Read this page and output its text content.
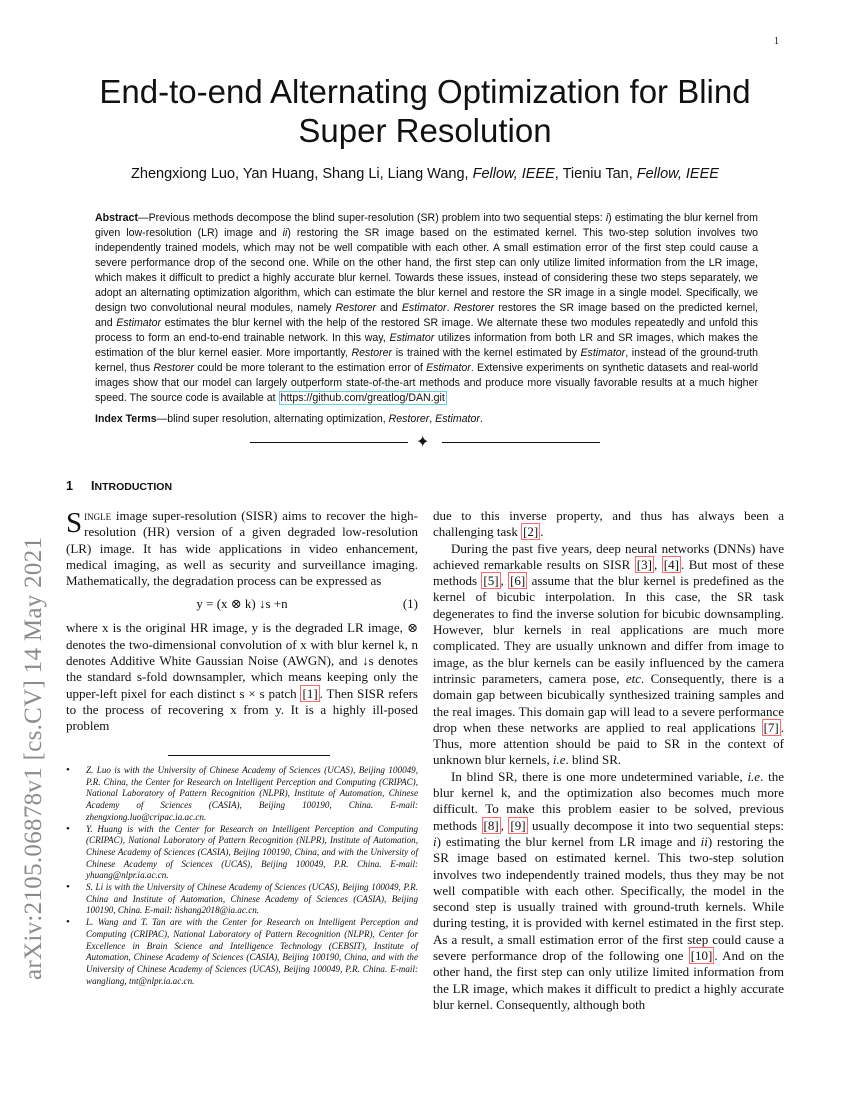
1
arXiv:2105.06878v1 [cs.CV] 14 May 2021
End-to-end Alternating Optimization for Blind Super Resolution
Zhengxiong Luo, Yan Huang, Shang Li, Liang Wang, Fellow, IEEE, Tieniu Tan, Fellow, IEEE
Abstract—Previous methods decompose the blind super-resolution (SR) problem into two sequential steps: i) estimating the blur kernel from given low-resolution (LR) image and ii) restoring the SR image based on the estimated kernel. This two-step solution involves two independently trained models, which may not be well compatible with each other. A small estimation error of the first step could cause a severe performance drop of the second one. While on the other hand, the first step can only utilize limited information from the LR image, which makes it difficult to predict a highly accurate blur kernel. Towards these issues, instead of considering these two steps separately, we adopt an alternating optimization algorithm, which can estimate the blur kernel and restore the SR image in a single model. Specifically, we design two convolutional neural modules, namely Restorer and Estimator. Restorer restores the SR image based on the predicted kernel, and Estimator estimates the blur kernel with the help of the restored SR image. We alternate these two modules repeatedly and unfold this process to form an end-to-end trainable network. In this way, Estimator utilizes information from both LR and SR images, which makes the estimation of the blur kernel easier. More importantly, Restorer is trained with the kernel estimated by Estimator, instead of the ground-truth kernel, thus Restorer could be more tolerant to the estimation error of Estimator. Extensive experiments on synthetic datasets and real-world images show that our model can largely outperform state-of-the-art methods and produce more visually favorable results at a much higher speed. The source code is available at https://github.com/greatlog/DAN.git
Index Terms—blind super resolution, alternating optimization, Restorer, Estimator.
✦
1 INTRODUCTION

Single image super-resolution (SISR) aims to recover the high-resolution (HR) version of a given degraded low-resolution (LR) image. It has wide applications in video enhancement, medical imaging, as well as security and surveillance imaging. Mathematically, the degradation process can be expressed as

y = (x ⊗ k) ↓s +n	(1)

where x is the original HR image, y is the degraded LR image, ⊗ denotes the two-dimensional convolution of x with blur kernel k, n denotes Additive White Gaussian Noise (AWGN), and ↓s denotes the standard s-fold downsampler, which means keeping only the upper-left pixel for each distinct s × s patch [1] . Then SISR refers to the process of recovering x from y. It is a highly ill-posed problem

• Z. Luo is with the University of Chinese Academy of Sciences (UCAS), Beijing 100049, P.R. China, the Center for Research on Intelligent Perception and Computing (CRIPAC), National Laboratory of Pattern Recognition (NLPR), Institute of Automation, Chinese Academy of Sciences (CASIA), Beijing 100190, China. E-mail: zhengxiong.luo@cripac.ia.ac.cn.
• Y. Huang is with the Center for Research on Intelligent Perception and Computing (CRIPAC), National Laboratory of Pattern Recognition (NLPR), Institute of Automation, Chinese Academy of Sciences (CASIA), Beijing 100190, China, and with the University of Chinese Academy of Sciences (UCAS), Beijing 100049, P.R. China. E-mail: yhuang@nlpr.ia.ac.cn.
• S. Li is with the University of Chinese Academy of Sciences (UCAS), Beijing 100049, P.R. China and Institute of Automation, Chinese Academy of Sciences (CASIA), Beijing 100190, China. E-mail: lishang2018@ia.ac.cn.
• L. Wang and T. Tan are with the Center for Research on Intelligent Perception and Computing (CRIPAC), National Laboratory of Pattern Recognition (NLPR), Center for Excellence in Brain Science and Intelligence Technology (CEBSIT), Institute of Automation, Chinese Academy of Sciences (CASIA), Beijing 100190, China, and with the University of Chinese Academy of Sciences (UCAS), Beijing 100049, P.R. China. E-mail: wangliang, tnt@nlpr.ia.ac.cn.

due to this inverse property, and thus has always been a challenging task [2] .

During the past five years, deep neural networks (DNNs) have achieved remarkable results on SISR [3] , [4] . But most of these methods [5] , [6] assume that the blur kernel is predefined as the kernel of bicubic interpolation. In this case, the SR task degenerates to find the inverse solution for bicubic downsampling. However, blur kernels in real applications are much more complicated. They are usually unknown and differ from image to image, as the blur kernels can be easily influenced by the camera intrinsic parameters, camera pose, etc. Consequently, there is a domain gap between bicubically synthesized training samples and the real images. This domain gap will lead to a severe performance drop when these networks are applied to real applications [7] . Thus, more attention should be paid to SR in the context of unknown blur kernels, i.e. blind SR.

In blind SR, there is one more undetermined variable, i.e. the blur kernel k, and the optimization also becomes much more difficult. To make this problem easier to be solved, previous methods [8] , [9] usually decompose it into two sequential steps: i) estimating the blur kernel from LR image and ii) restoring the SR image based on estimated kernel. This two-step solution involves two independently trained models, thus they may be not well compatible with each other. Specifically, the model in the second step is usually trained with ground-truth kernels. While during testing, it is provided with kernel estimated in the first step. As a result, a small estimation error of the first step could cause a severe performance drop of the following one [10] . And on the other hand, the first step can only utilize limited information from the LR image, which makes it difficult to predict a highly accurate blur kernel. Consequently, although both
